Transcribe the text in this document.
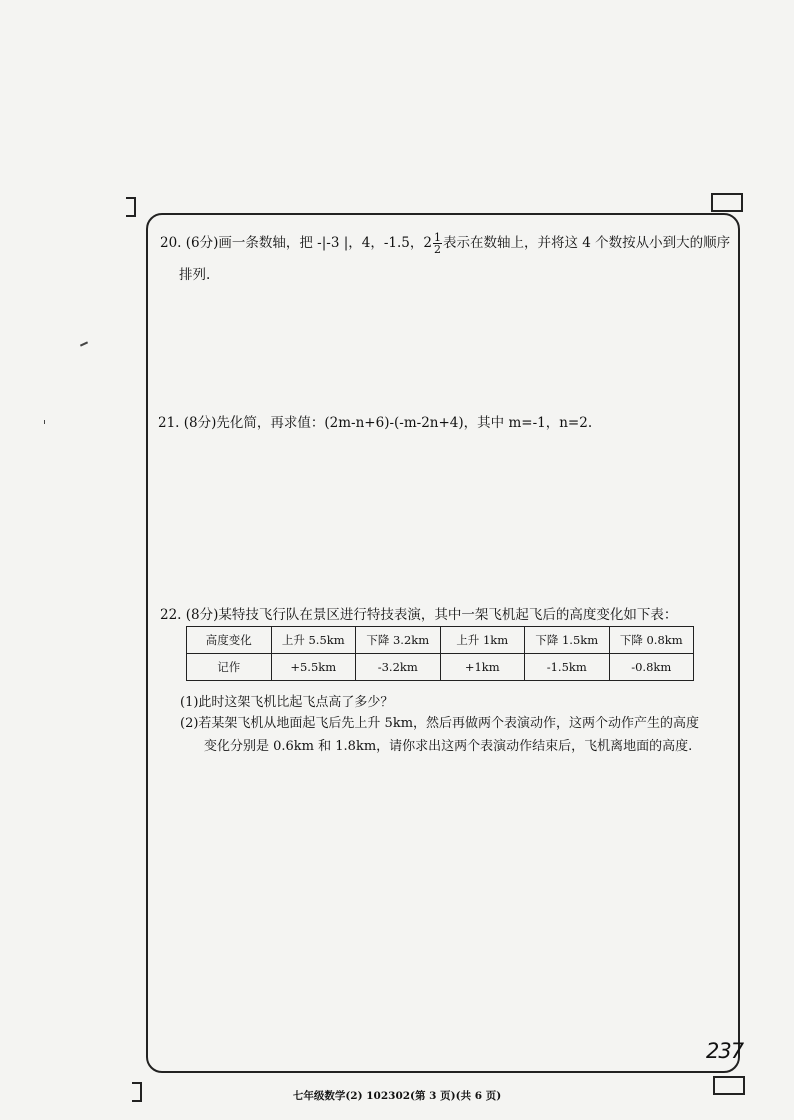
20. (6分)画一条数轴，把 -|-3 |，4，-1.5，$2 \frac{1}{2}$ 表示在数轴上，并将这 4 个数按从小到大的顺序
排列.
21. (8分)先化简，再求值：(2m-n+6)-(-m-2n+4)，其中 m=-1，n=2.
22. (8分)某特技飞行队在景区进行特技表演，其中一架飞机起飞后的高度变化如下表：
高度变化	上升 5.5km	下降 3.2km	上升 1km	下降 1.5km	下降 0.8km
记作	+5.5km	-3.2km	+1km	-1.5km	-0.8km
(1)此时这架飞机比起飞点高了多少？
(2)若某架飞机从地面起飞后先上升 5km，然后再做两个表演动作，这两个动作产生的高度
变化分别是 0.6km 和 1.8km，请你求出这两个表演动作结束后，飞机离地面的高度.
237
七年级数学(2) 102302(第 3 页)(共 6 页)
